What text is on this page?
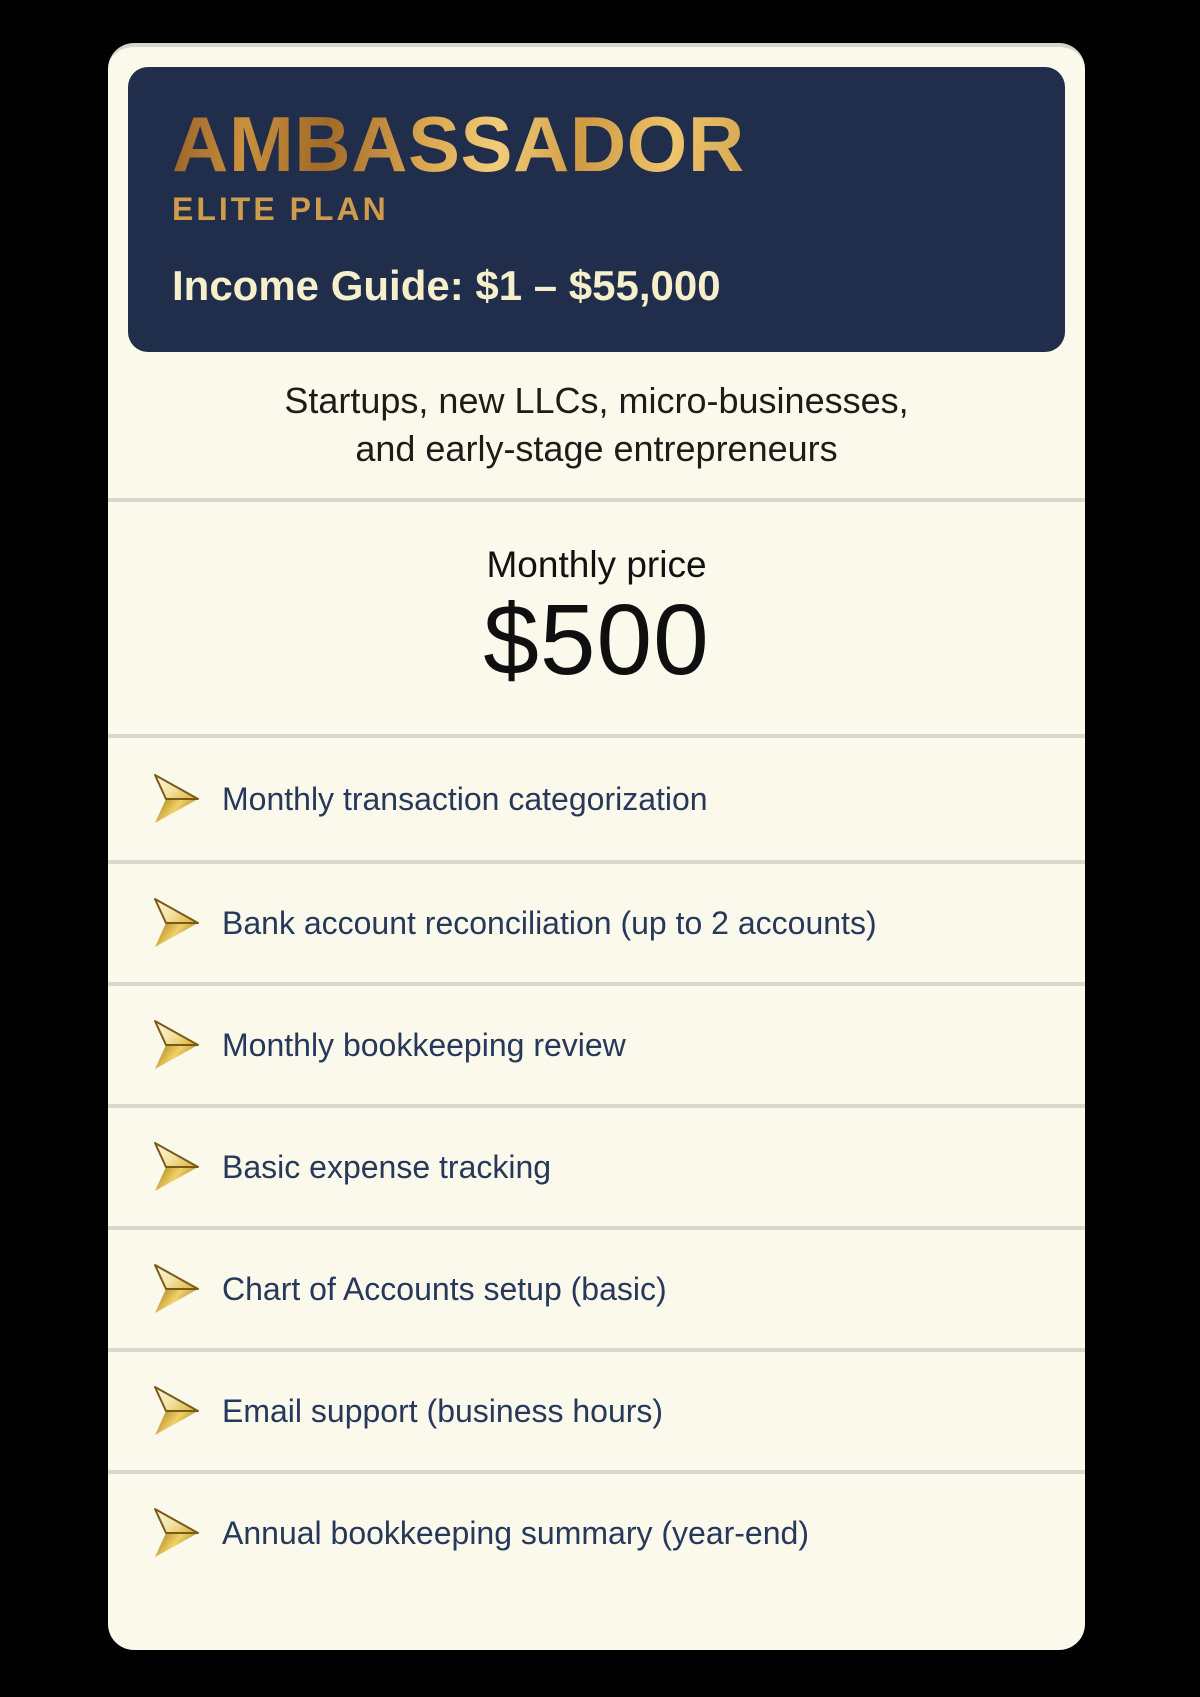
AMBASSADOR
ELITE PLAN
Income Guide: $1 – $55,000
Startups, new LLCs, micro-businesses,
and early-stage entrepreneurs
Monthly price
$500
Monthly transaction categorization
Bank account reconciliation (up to 2 accounts)
Monthly bookkeeping review
Basic expense tracking
Chart of Accounts setup (basic)
Email support (business hours)
Annual bookkeeping summary (year-end)
